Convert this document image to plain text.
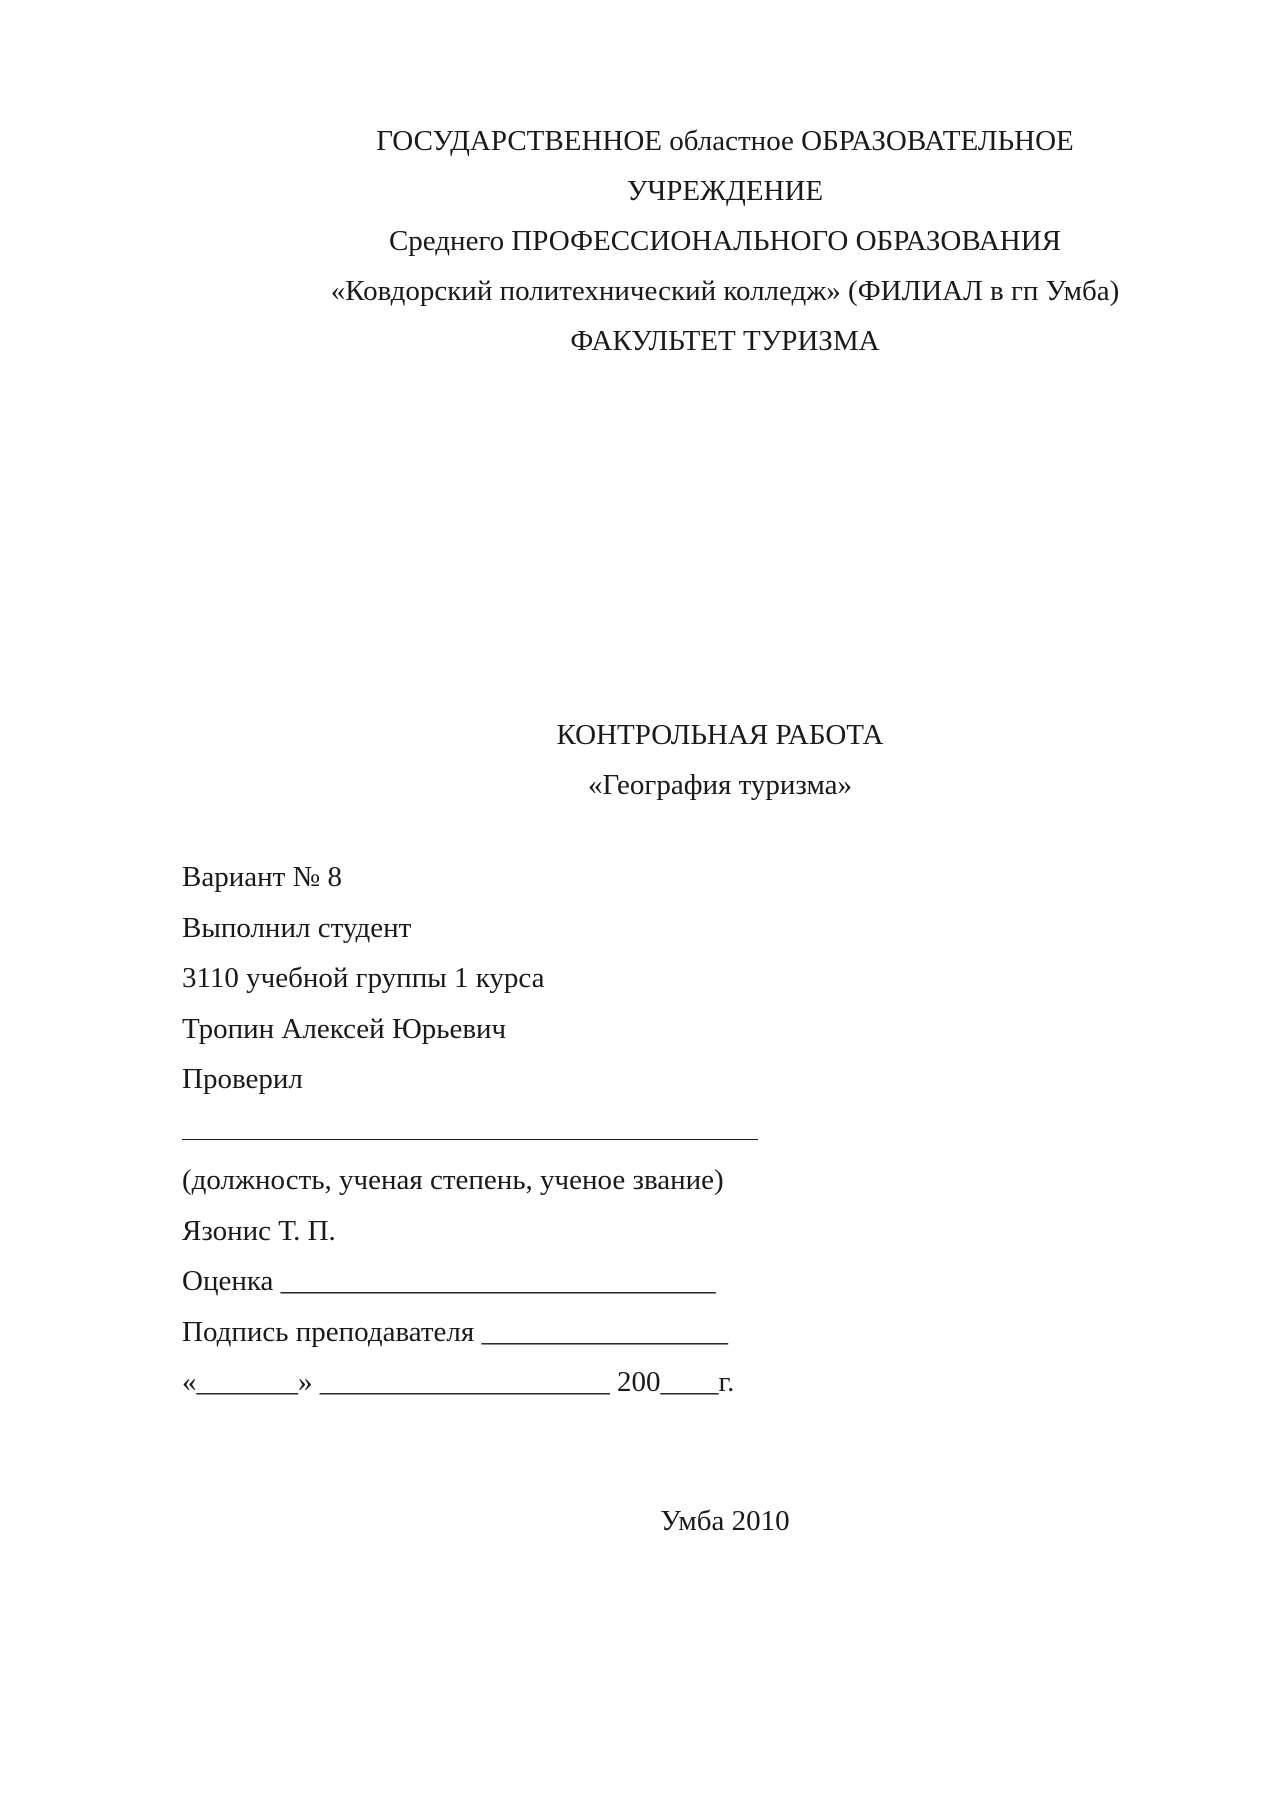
ГОСУДАРСТВЕННОЕ областное ОБРАЗОВАТЕЛЬНОЕ
УЧРЕЖДЕНИЕ
Среднего ПРОФЕССИОНАЛЬНОГО ОБРАЗОВАНИЯ
«Ковдорский политехнический колледж» (ФИЛИАЛ в гп Умба)
ФАКУЛЬТЕТ ТУРИЗМА
КОНТРОЛЬНАЯ РАБОТА
«География туризма»
Вариант № 8
Выполнил студент
3110 учебной группы 1 курса
Тропин Алексей Юрьевич
Проверил
(должность, ученая степень, ученое звание)
Язонис Т. П.
Оценка ______________________________
Подпись преподавателя _________________
«_______» ____________________ 200____г.
Умба 2010
